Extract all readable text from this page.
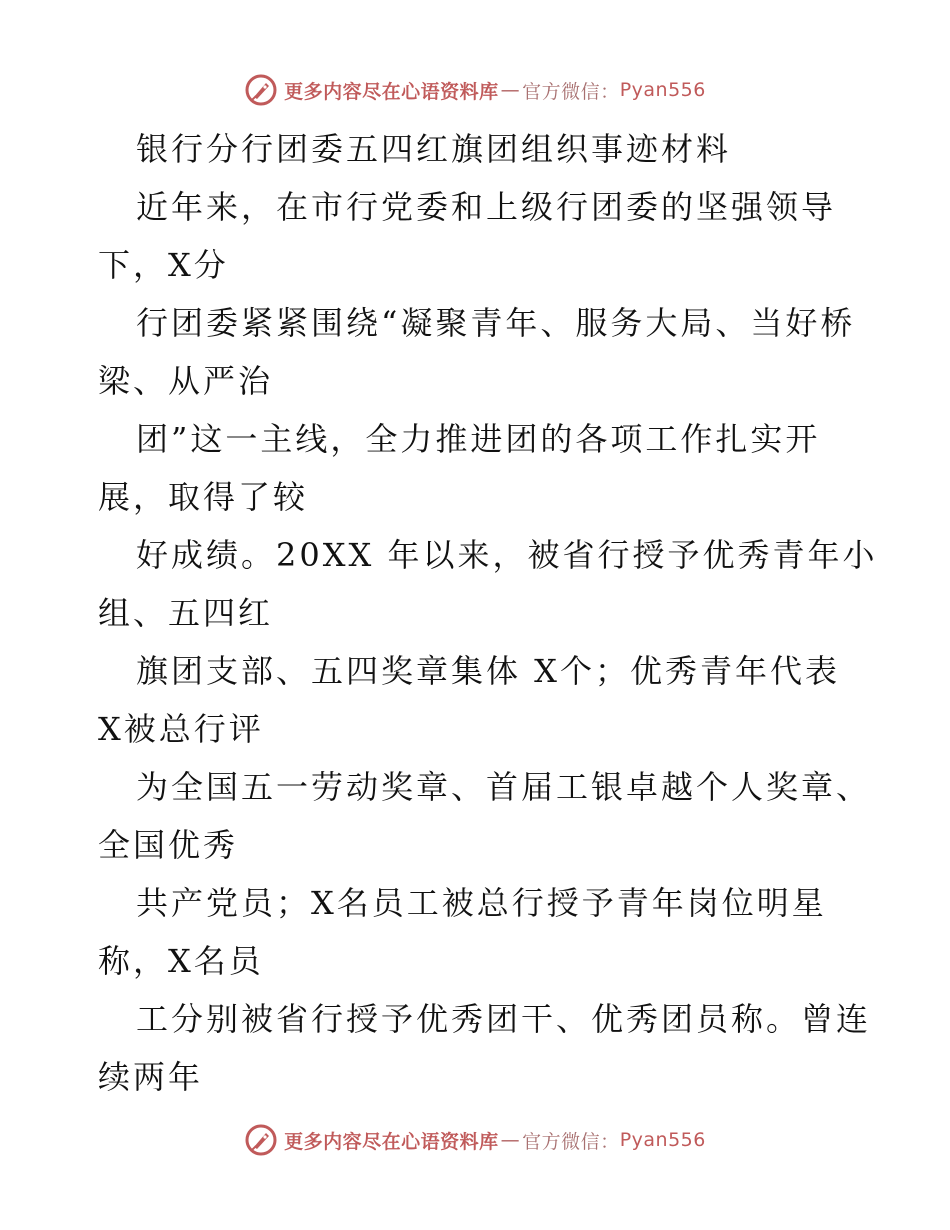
更多内容尽在心语资料库 — 官方微信： Pyan556
银行分行团委五四红旗团组织事迹材料
近年来，在市行党委和上级行团委的坚强领导
下，X分
行团委紧紧围绕“凝聚青年、服务大局、当好桥
梁、从严治
团”这一主线，全力推进团的各项工作扎实开
展，取得了较
好成绩。20XX 年以来，被省行授予优秀青年小
组、五四红
旗团支部、五四奖章集体 X个；优秀青年代表
X被总行评
为全国五一劳动奖章、首届工银卓越个人奖章、
全国优秀
共产党员；X名员工被总行授予青年岗位明星
称，X名员
工分别被省行授予优秀团干、优秀团员称。曾连
续两年
更多内容尽在心语资料库 — 官方微信： Pyan556
